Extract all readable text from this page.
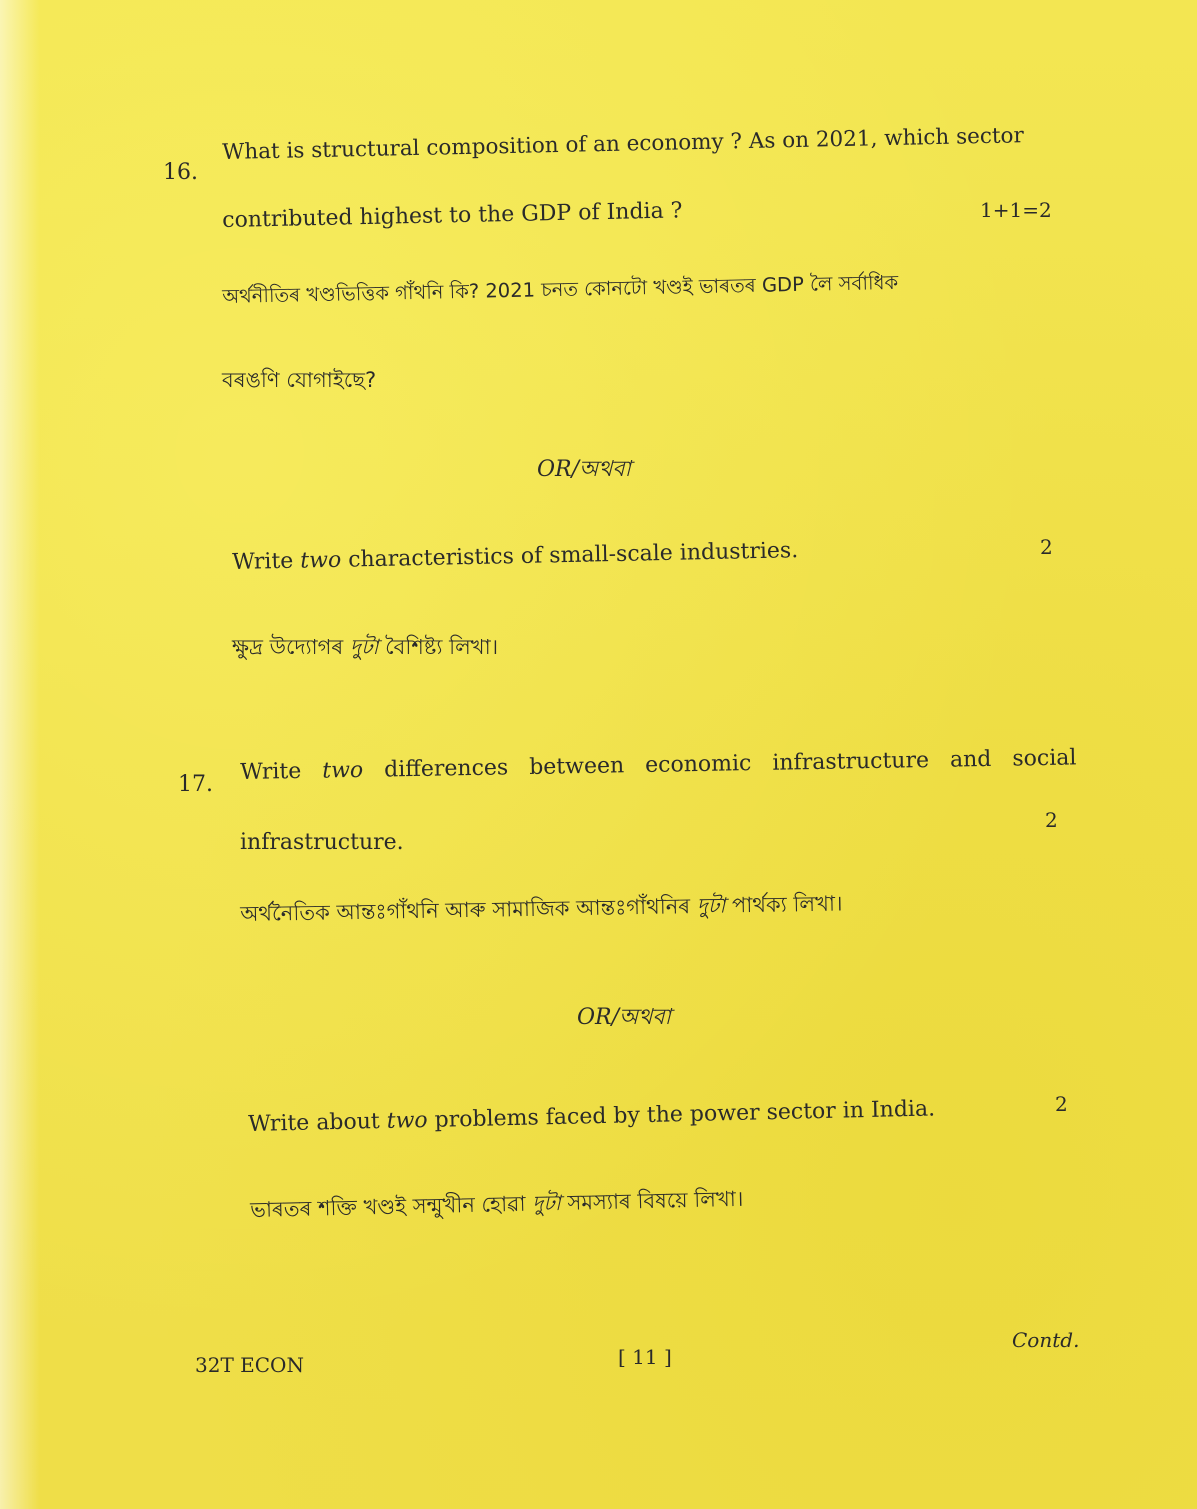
16.
What is structural composition of an economy ? As on 2021, which sector
contributed highest to the GDP of India ?	1+1=2
অর্থনীতিৰ খণ্ডভিত্তিক গাঁথনি কি? 2021 চনত কোনটো খণ্ডই ভাৰতৰ GDP লৈ সৰ্বাধিক
বৰঙণি যোগাইছে?
OR/অথবা
Write two characteristics of small-scale industries.	2
ক্ষুদ্ৰ উদ্যোগৰ দুটা বৈশিষ্ট্য লিখা।
17. Write two differences between economic infrastructure and social
infrastructure.
2
অর্থনৈতিক আন্তঃগাঁথনি আৰু সামাজিক আন্তঃগাঁথনিৰ দুটা পাৰ্থক্য লিখা।
OR/অথবা
Write about two problems faced by the power sector in India.	2
ভাৰতৰ শক্তি খণ্ডই সন্মুখীন হোৱা দুটা সমস্যাৰ বিষয়ে লিখা।
32T ECON	[ 11 ]
Contd.
